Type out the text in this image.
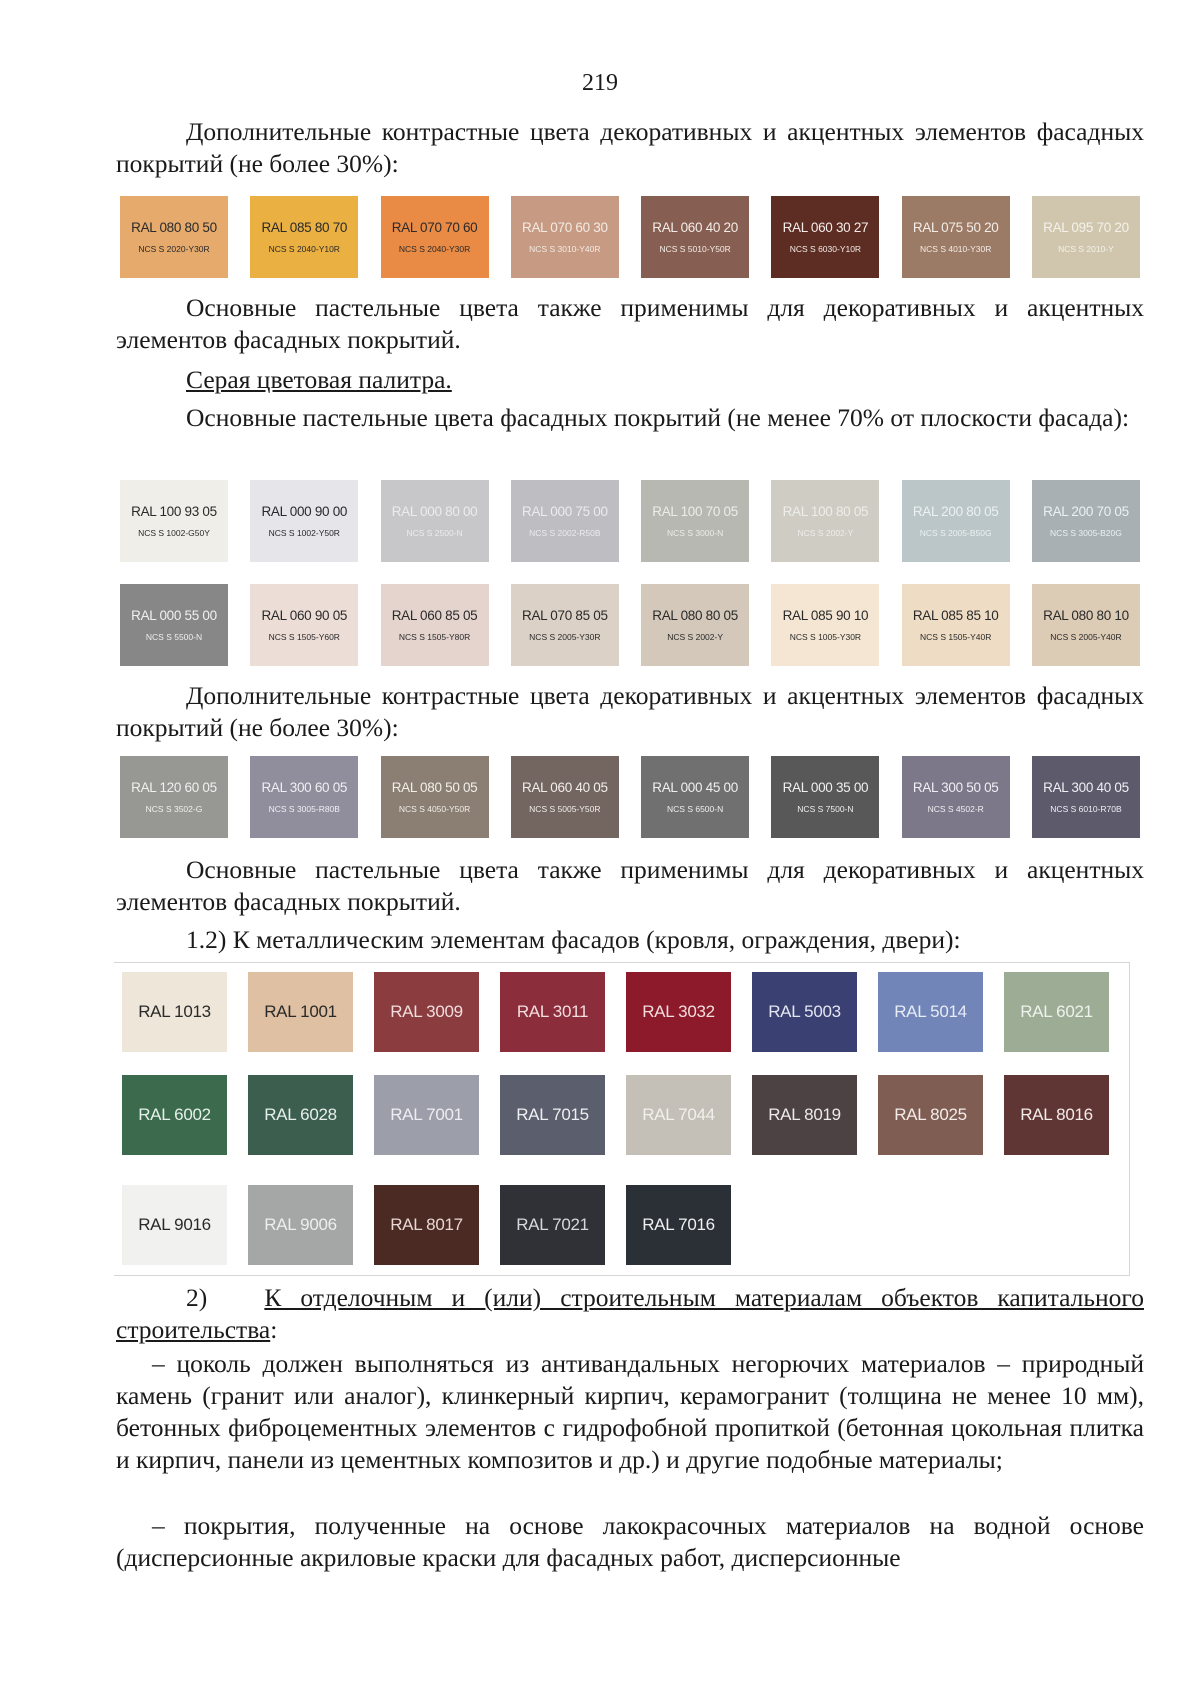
219

Дополнительные контрастные цвета декоративных и акцентных элементов фасадных покрытий (не более 30%):

RAL 080 80 50
NCS S 2020-Y30R
RAL 085 80 70
NCS S 2040-Y10R
RAL 070 70 60
NCS S 2040-Y30R
RAL 070 60 30
NCS S 3010-Y40R
RAL 060 40 20
NCS S 5010-Y50R
RAL 060 30 27
NCS S 6030-Y10R
RAL 075 50 20
NCS S 4010-Y30R
RAL 095 70 20
NCS S 2010-Y

Основные пастельные цвета также применимы для декоративных и акцентных элементов фасадных покрытий.

Серая цветовая палитра.

Основные пастельные цвета фасадных покрытий (не менее 70% от плоскости фасада):

RAL 100 93 05
NCS S 1002-G50Y
RAL 000 90 00
NCS S 1002-Y50R
RAL 000 80 00
NCS S 2500-N
RAL 000 75 00
NCS S 2002-R50B
RAL 100 70 05
NCS S 3000-N
RAL 100 80 05
NCS S 2002-Y
RAL 200 80 05
NCS S 2005-B50G
RAL 200 70 05
NCS S 3005-B20G
RAL 000 55 00
NCS S 5500-N
RAL 060 90 05
NCS S 1505-Y60R
RAL 060 85 05
NCS S 1505-Y80R
RAL 070 85 05
NCS S 2005-Y30R
RAL 080 80 05
NCS S 2002-Y
RAL 085 90 10
NCS S 1005-Y30R
RAL 085 85 10
NCS S 1505-Y40R
RAL 080 80 10
NCS S 2005-Y40R

Дополнительные контрастные цвета декоративных и акцентных элементов фасадных покрытий (не более 30%):

RAL 120 60 05
NCS S 3502-G
RAL 300 60 05
NCS S 3005-R80B
RAL 080 50 05
NCS S 4050-Y50R
RAL 060 40 05
NCS S 5005-Y50R
RAL 000 45 00
NCS S 6500-N
RAL 000 35 00
NCS S 7500-N
RAL 300 50 05
NCS S 4502-R
RAL 300 40 05
NCS S 6010-R70B

Основные пастельные цвета также применимы для декоративных и акцентных элементов фасадных покрытий.

1.2) К металлическим элементам фасадов (кровля, ограждения, двери):

RAL 1013	RAL 1001	RAL 3009	RAL 3011	RAL 3032	RAL 5003	RAL 5014	RAL 6021
RAL 6002	RAL 6028	RAL 7001	RAL 7015	RAL 7044	RAL 8019	RAL 8025	RAL 8016
RAL 9016	RAL 9006	RAL 8017	RAL 7021	RAL 7016

2) К отделочным и (или) строительным материалам объектов капитального строительства:

– цоколь должен выполняться из антивандальных негорючих материалов – природный камень (гранит или аналог), клинкерный кирпич, керамогранит (толщина не менее 10 мм), бетонных фиброцементных элементов с гидрофобной пропиткой (бетонная цокольная плитка и кирпич, панели из цементных композитов и др.) и другие подобные материалы;

– покрытия, полученные на основе лакокрасочных материалов на водной основе (дисперсионные акриловые краски для фасадных работ, дисперсионные
